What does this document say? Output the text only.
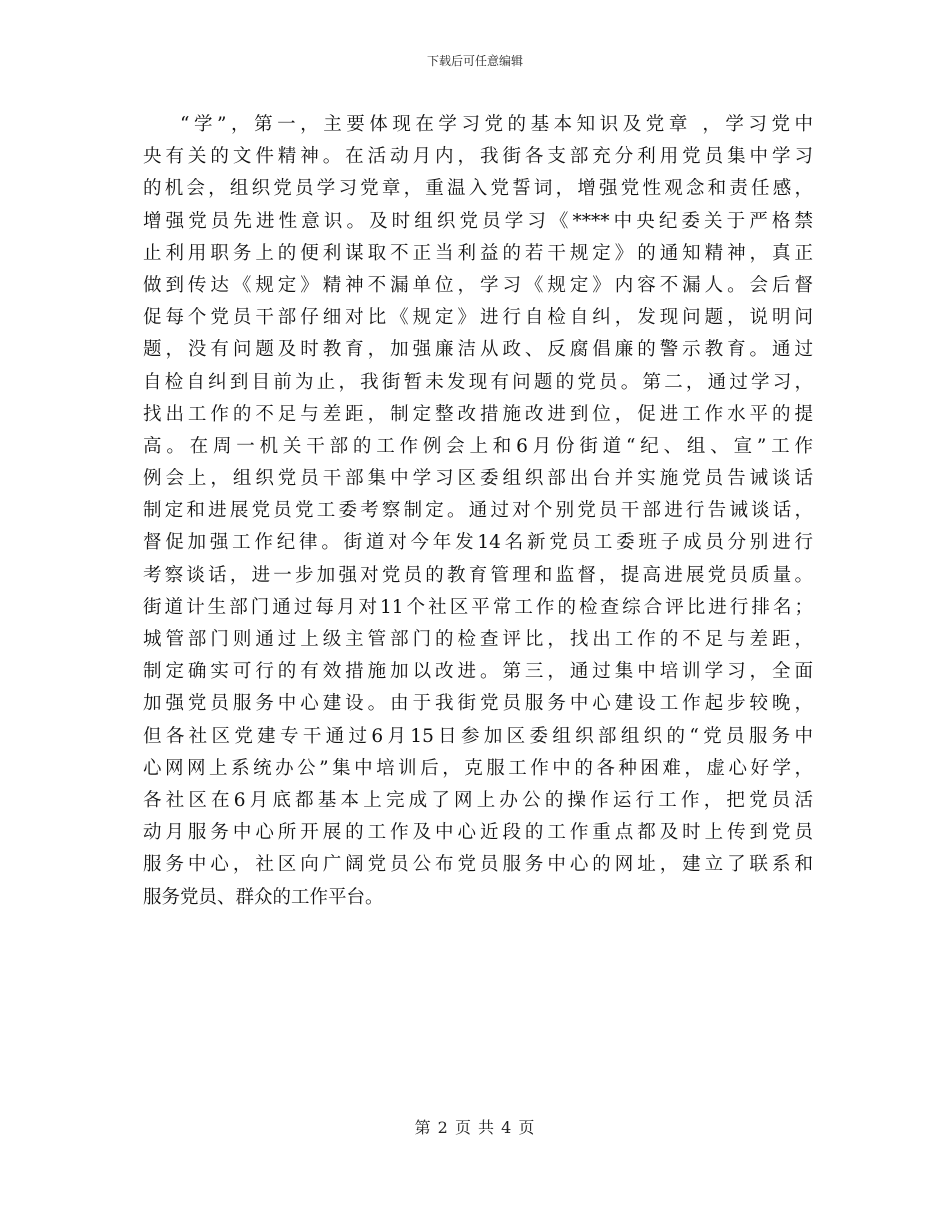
下载后可任意编辑
“学”，第一，主要体现在学习党的基本知识及党章 ，学习党中
央有关的文件精神。在活动月内，我街各支部充分利用党员集中学习
的机会，组织党员学习党章，重温入党誓词，增强党性观念和责任感，
增强党员先进性意识。及时组织党员学习《****中央纪委关于严格禁
止利用职务上的便利谋取不正当利益的若干规定》的通知精神，真正
做到传达《规定》精神不漏单位，学习《规定》内容不漏人。会后督
促每个党员干部仔细对比《规定》进行自检自纠，发现问题，说明问
题，没有问题及时教育，加强廉洁从政、反腐倡廉的警示教育。通过
自检自纠到目前为止，我街暂未发现有问题的党员。第二，通过学习，
找出工作的不足与差距，制定整改措施改进到位，促进工作水平的提
高。在周一机关干部的工作例会上和6月份街道“纪、组、宣”工作
例会上，组织党员干部集中学习区委组织部出台并实施党员告诫谈话
制定和进展党员党工委考察制定。通过对个别党员干部进行告诫谈话，
督促加强工作纪律。街道对今年发14名新党员工委班子成员分别进行
考察谈话，进一步加强对党员的教育管理和监督，提高进展党员质量。
街道计生部门通过每月对11个社区平常工作的检查综合评比进行排名；
城管部门则通过上级主管部门的检查评比，找出工作的不足与差距，
制定确实可行的有效措施加以改进。第三，通过集中培训学习，全面
加强党员服务中心建设。由于我街党员服务中心建设工作起步较晚，
但各社区党建专干通过6月15日参加区委组织部组织的“党员服务中
心网网上系统办公”集中培训后，克服工作中的各种困难，虚心好学，
各社区在6月底都基本上完成了网上办公的操作运行工作，把党员活
动月服务中心所开展的工作及中心近段的工作重点都及时上传到党员
服务中心，社区向广阔党员公布党员服务中心的网址，建立了联系和
服务党员、群众的工作平台。
第 2 页 共 4 页
